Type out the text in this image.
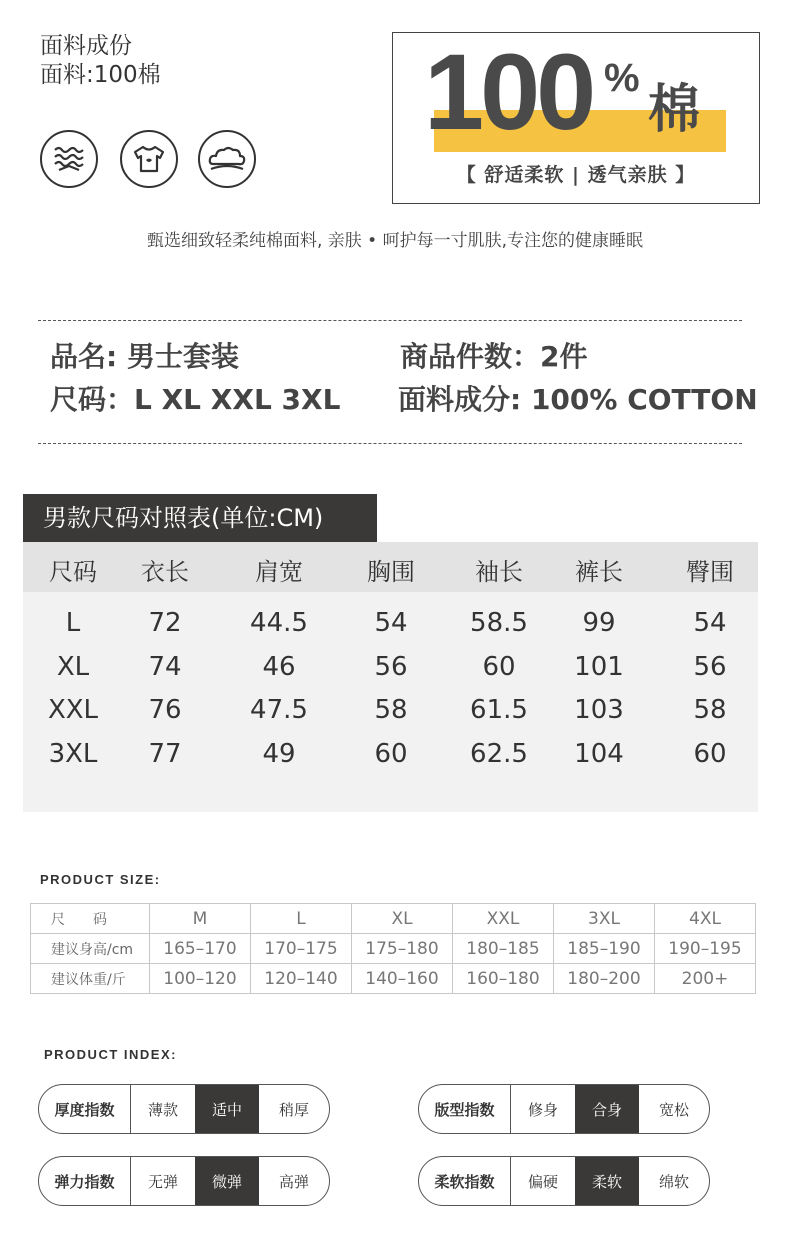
面料成份
面料:100棉 100 %
棉
【 舒适柔软 | 透气亲肤 】
甄选细致轻柔纯棉面料, 亲肤 • 呵护每一寸肌肤,专注您的健康睡眠
品名: 男士套装	商品件数：2件
尺码：L XL XXL 3XL 面料成分: 100% COTTON
男款尺码对照表(单位:CM)
尺码	衣长	肩宽	胸围	袖长	裤长	臀围
L	72	44.5	54	58.5	99	54
XL	74	46	56	60	101	56
XXL	76	47.5	58	61.5	103	58
3XL	77	49	60	62.5	104	60
PRODUCT SIZE:
尺　　码	M	L	XL	XXL	3XL	4XL
建议身高/cm	165–170	170–175	175–180	180–185	185–190	190–195
建议体重/斤	100–120	120–140	140–160	160–180	180–200	200+
PRODUCT INDEX:
厚度指数	薄款	适中	稍厚	版型指数	修身	合身	宽松
弹力指数	无弹	微弹	高弹	柔软指数	偏硬	柔软	绵软
